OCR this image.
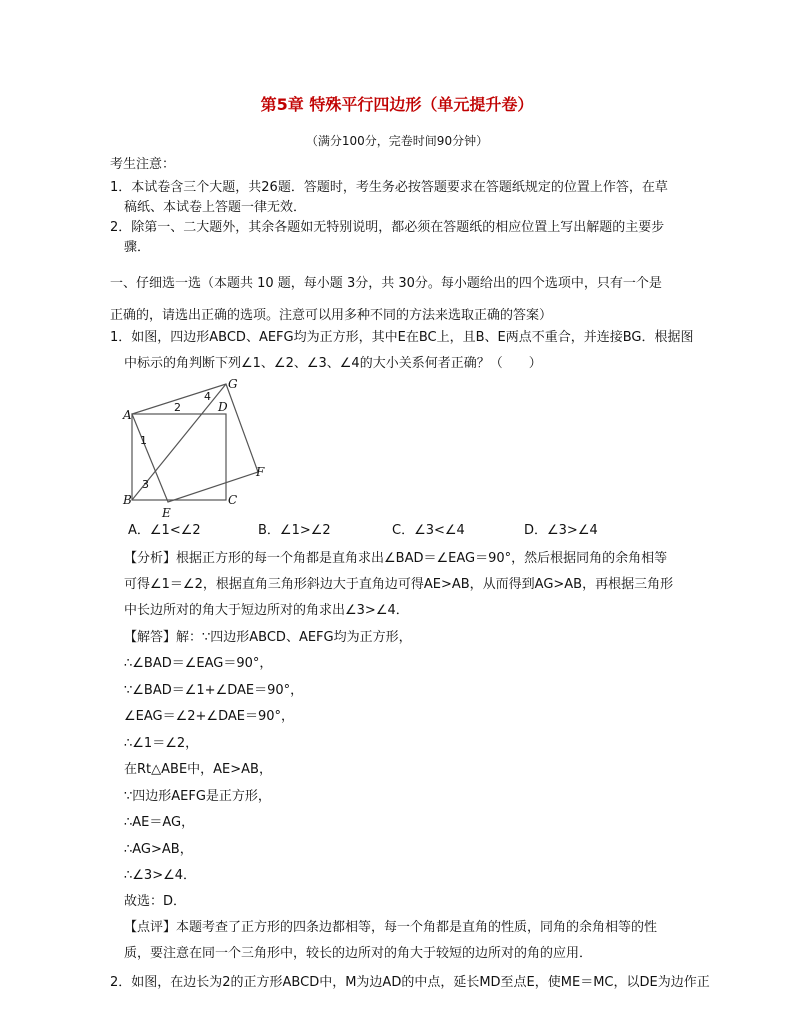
第5章 特殊平行四边形（单元提升卷）
（满分100分，完卷时间90分钟）
考生注意：
1．本试卷含三个大题，共26题．答题时，考生务必按答题要求在答题纸规定的位置上作答，在草
稿纸、本试卷上答题一律无效．
2．除第一、二大题外，其余各题如无特别说明，都必须在答题纸的相应位置上写出解题的主要步
骤．
一、仔细选一选（本题共 10 题，每小题 3分，共 30分。每小题给出的四个选项中，只有一个是
正确的，请选出正确的选项。注意可以用多种不同的方法来选取正确的答案）
1．如图，四边形ABCD、AEFG均为正方形，其中E在BC上，且B、E两点不重合，并连接BG．根据图
中标示的角判断下列∠1、∠2、∠3、∠4的大小关系何者正确？（　　）
A
B	C
D
E
F
G
1
2
3
4
A．∠1<∠2	B．∠1>∠2	C．∠3<∠4	D．∠3>∠4
【分析】根据正方形的每一个角都是直角求出∠BAD＝∠EAG＝90°，然后根据同角的余角相等
可得∠1＝∠2，根据直角三角形斜边大于直角边可得AE>AB，从而得到AG>AB，再根据三角形
中长边所对的角大于短边所对的角求出∠3>∠4．
【解答】解：∵四边形ABCD、AEFG均为正方形，
∴∠BAD＝∠EAG＝90°，
∵∠BAD＝∠1+∠DAE＝90°，
∠EAG＝∠2+∠DAE＝90°，
∴∠1＝∠2，
在Rt△ABE中，AE>AB，
∵四边形AEFG是正方形，
∴AE＝AG，
∴AG>AB，
∴∠3>∠4．
故选：D．
【点评】本题考查了正方形的四条边都相等，每一个角都是直角的性质，同角的余角相等的性
质，要注意在同一个三角形中，较长的边所对的角大于较短的边所对的角的应用．
2．如图，在边长为2的正方形ABCD中，M为边AD的中点，延长MD至点E，使ME＝MC，以DE为边作正
